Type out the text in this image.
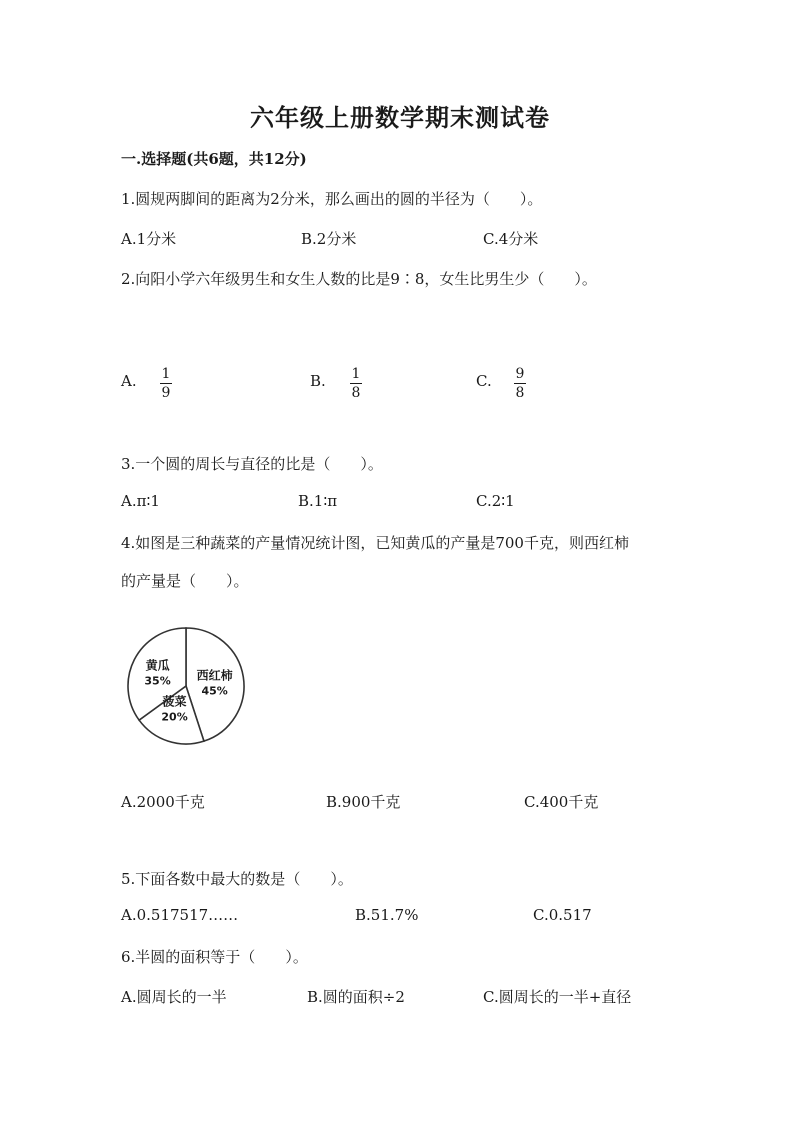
六年级上册数学期末测试卷
一.选择题(共6题，共12分)
1.圆规两脚间的距离为2分米，那么画出的圆的半径为（　　）。
A.1分米	B.2分米	C.4分米
2.向阳小学六年级男生和女生人数的比是9∶8，女生比男生少（　　）。
A. 1
9
B. 1
8
C. 9
8
3.一个圆的周长与直径的比是（　　）。
A.π∶1	B.1∶π	C.2∶1
4.如图是三种蔬菜的产量情况统计图，已知黄瓜的产量是700千克，则西红柿
的产量是（　　）。
西红柿
45%
菠菜
20%
黄瓜
35%
A.2000千克	B.900千克	C.400千克
5.下面各数中最大的数是（　　）。
A.0.517517……	B.51.7%	C.0.517
6.半圆的面积等于（　　）。
A.圆周长的一半	B.圆的面积÷2	C.圆周长的一半+直径
